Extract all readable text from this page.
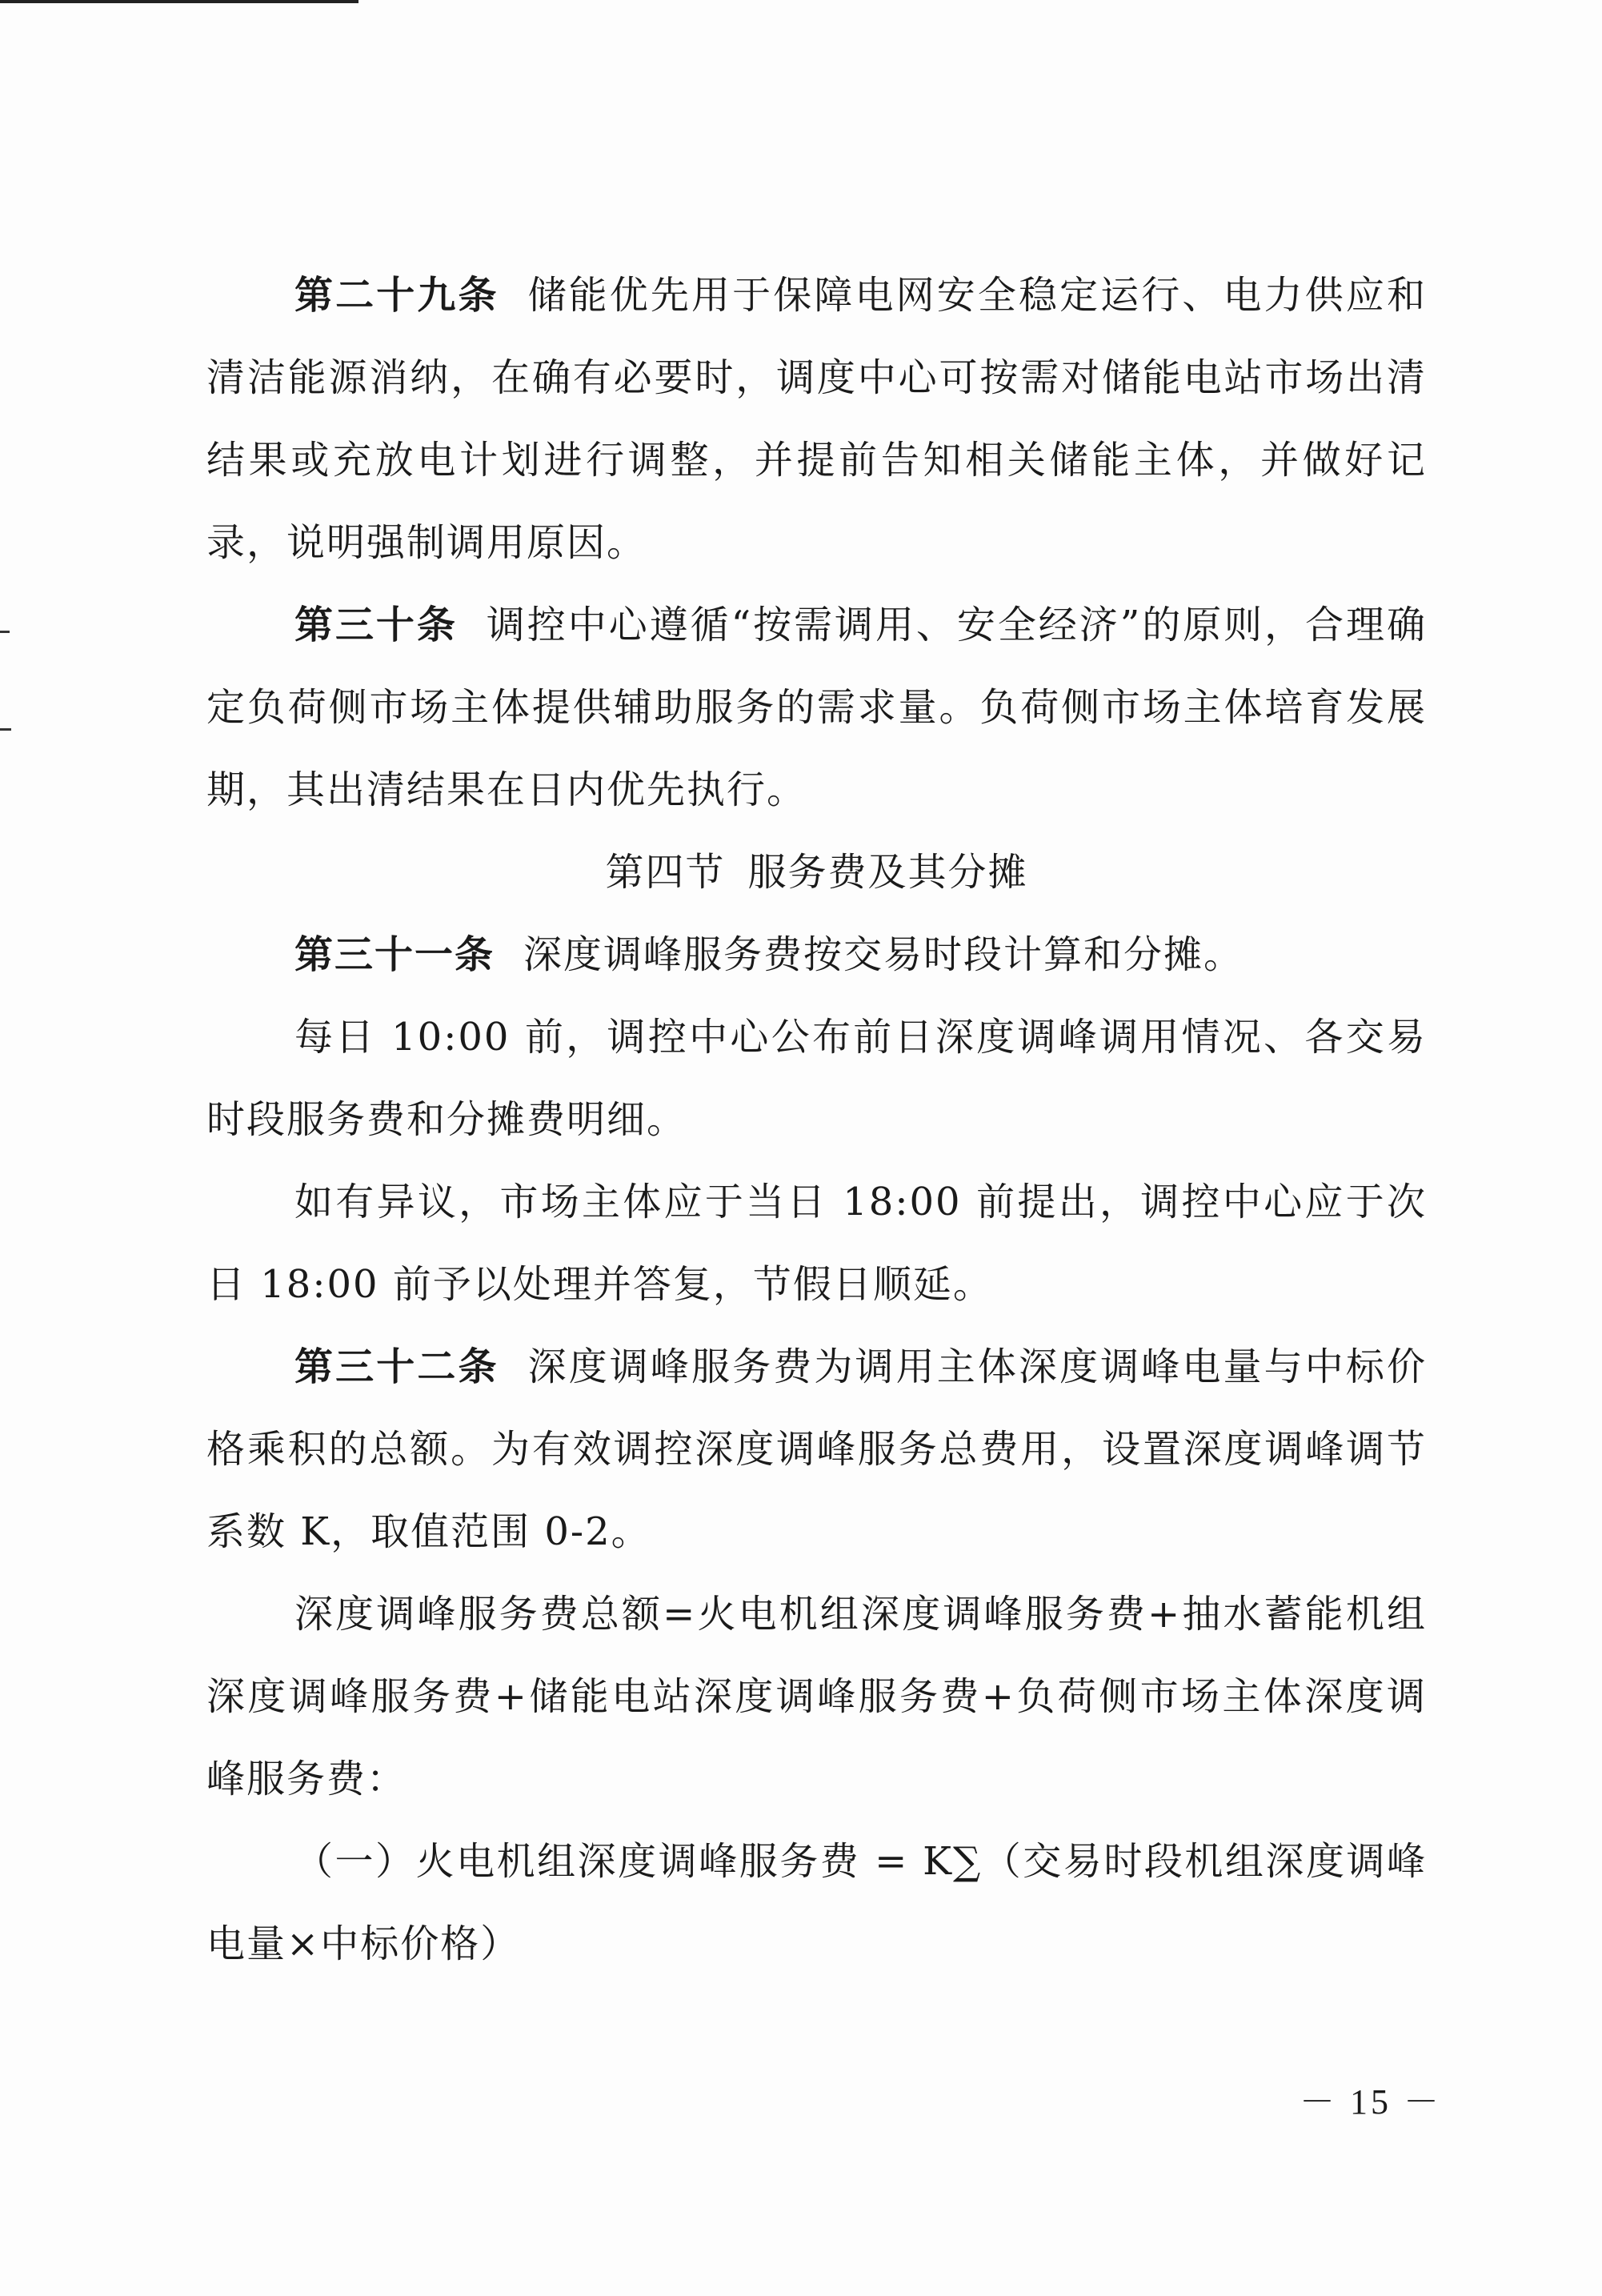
第二十九条 储能优先用于保障电网安全稳定运行、电力供应和清洁能源消纳，在确有必要时，调度中心可按需对储能电站市场出清结果或充放电计划进行调整，并提前告知相关储能主体，并做好记录，说明强制调用原因。

第三十条 调控中心遵循“按需调用、安全经济”的原则，合理确定负荷侧市场主体提供辅助服务的需求量。负荷侧市场主体培育发展期，其出清结果在日内优先执行。

第四节 服务费及其分摊

第三十一条 深度调峰服务费按交易时段计算和分摊。

每日 10:00 前，调控中心公布前日深度调峰调用情况、各交易时段服务费和分摊费明细。

如有异议，市场主体应于当日 18:00 前提出，调控中心应于次日 18:00 前予以处理并答复，节假日顺延。

第三十二条 深度调峰服务费为调用主体深度调峰电量与中标价格乘积的总额。为有效调控深度调峰服务总费用，设置深度调峰调节系数 K，取值范围 0-2。

深度调峰服务费总额=火电机组深度调峰服务费+抽水蓄能机组深度调峰服务费+储能电站深度调峰服务费+负荷侧市场主体深度调峰服务费：

（一）火电机组深度调峰服务费 = K∑（交易时段机组深度调峰电量×中标价格）

－ 15 －
